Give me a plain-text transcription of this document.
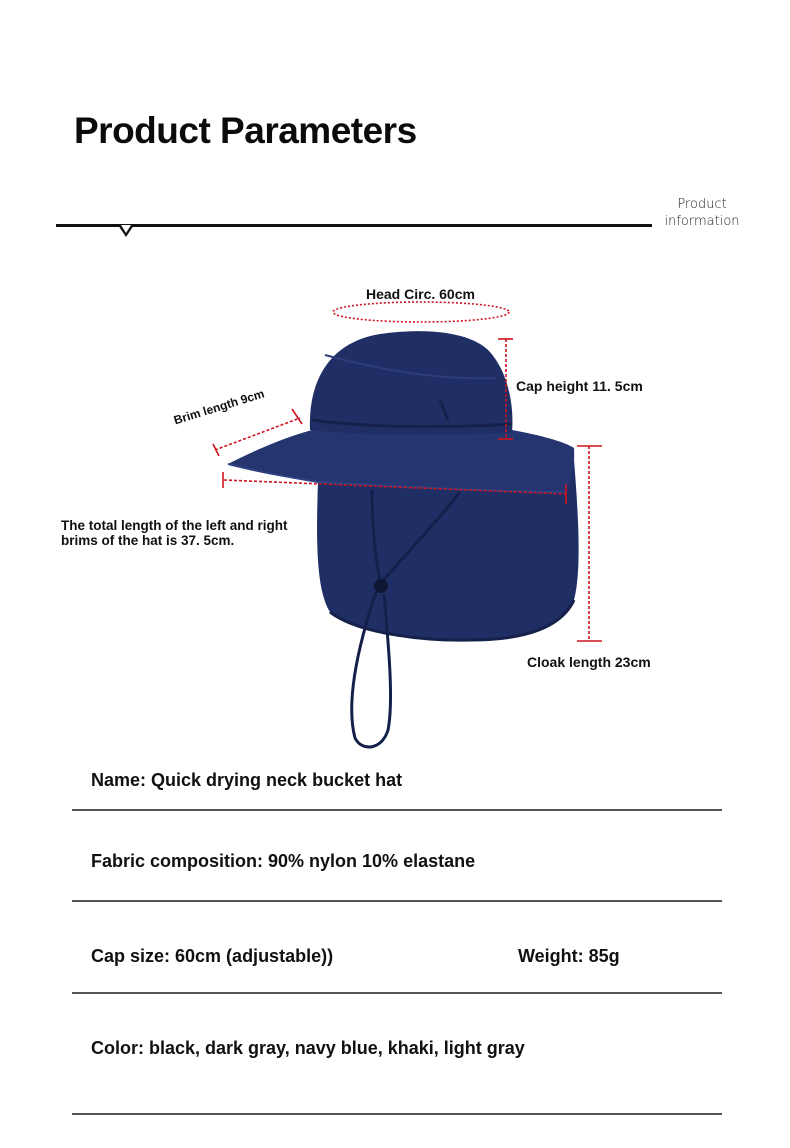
Product Parameters
Product
information
Head Circ. 60cm
Cap height 11. 5cm
Brim length 9cm
The total length of the left and right brims of the hat is 37. 5cm.
Cloak length 23cm
Name: Quick drying neck bucket hat
Fabric composition: 90% nylon 10% elastane
Cap size: 60cm (adjustable))	Weight: 85g
Color: black, dark gray, navy blue, khaki, light gray
